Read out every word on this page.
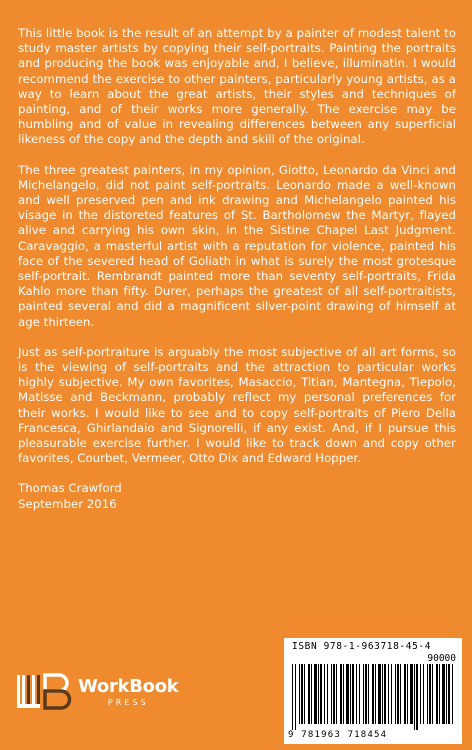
This little book is the result of an attempt by a painter of modest talent to study master artists by copying their self-portraits. Painting the portraits and producing the book was enjoyable and, I believe, illuminatin. I would recommend the exercise to other painters, particularly young artists, as a way to learn about the great artists, their styles and techniques of painting, and of their works more generally. The exercise may be humbling and of value in revealing differences between any superficial likeness of the copy and the depth and skill of the original.

The three greatest painters, in my opinion, Giotto, Leonardo da Vinci and Michelangelo, did not paint self-portraits. Leonardo made a well-known and well preserved pen and ink drawing and Michelangelo painted his visage in the distoreted features of St. Bartholomew the Martyr, flayed alive and carrying his own skin, in the Sistine Chapel Last Judgment. Caravaggio, a masterful artist with a reputation for violence, painted his face of the severed head of Goliath in what is surely the most grotesque self-portrait. Rembrandt painted more than seventy self-portraits, Frida Kahlo more than fifty. Durer, perhaps the greatest of all self-portraitists, painted several and did a magnificent silver-point drawing of himself at age thirteen.

Just as self-portraiture is arguably the most subjective of all art forms, so is the viewing of self-portraits and the attraction to particular works highly subjective. My own favorites, Masaccio, Titian, Mantegna, Tiepolo, Matisse and Beckmann, probably reflect my personal preferences for their works. I would like to see and to copy self-portraits of Piero Della Francesca, Ghirlandaio and Signorelli, if any exist. And, if I pursue this pleasurable exercise further. I would like to track down and copy other favorites, Courbet, Vermeer, Otto Dix and Edward Hopper.

Thomas Crawford
September 2016
WorkBook
PRESS
ISBN 978-1-963718-45-4
90000
9 781963 718454
